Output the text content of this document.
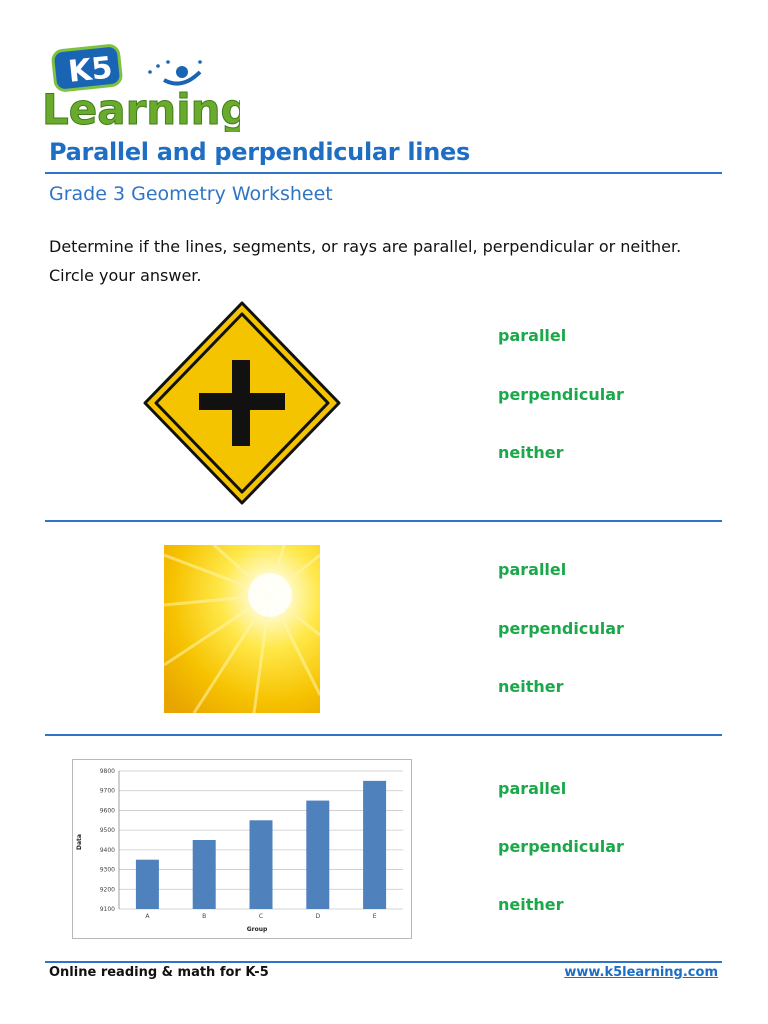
K5
Learning
Parallel and perpendicular lines
Grade 3 Geometry Worksheet
Determine if the lines, segments, or rays are parallel, perpendicular or neither.
Circle your answer.
parallel
perpendicular
neither
parallel
perpendicular
neither
9100
9200
9300
9400
9500
9600
9700
9800
A	B	C	D	E
Data
Group
parallel
perpendicular
neither
Online reading & math for K-5	www.k5learning.com
